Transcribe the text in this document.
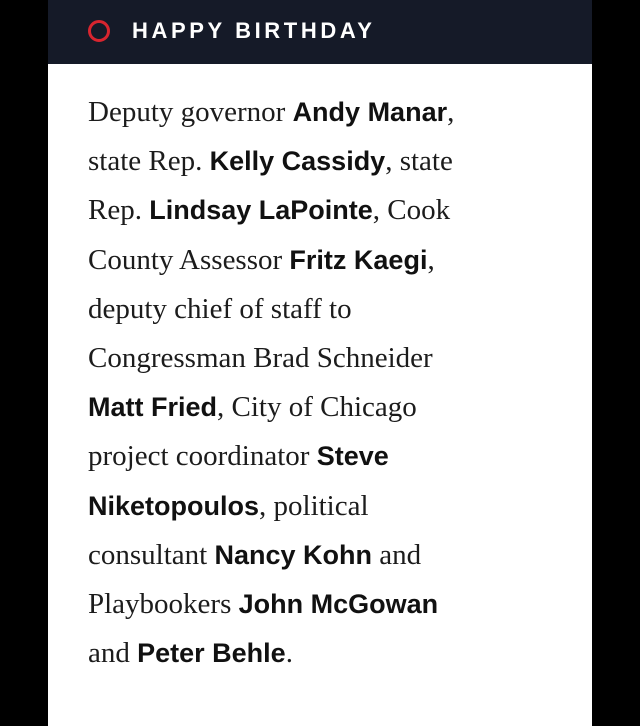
HAPPY BIRTHDAY
Deputy governor Andy Manar,
state Rep. Kelly Cassidy, state
Rep. Lindsay LaPointe, Cook
County Assessor Fritz Kaegi,
deputy chief of staff to
Congressman Brad Schneider
Matt Fried, City of Chicago
project coordinator Steve
Niketopoulos, political
consultant Nancy Kohn and
Playbookers John McGowan
and Peter Behle.
